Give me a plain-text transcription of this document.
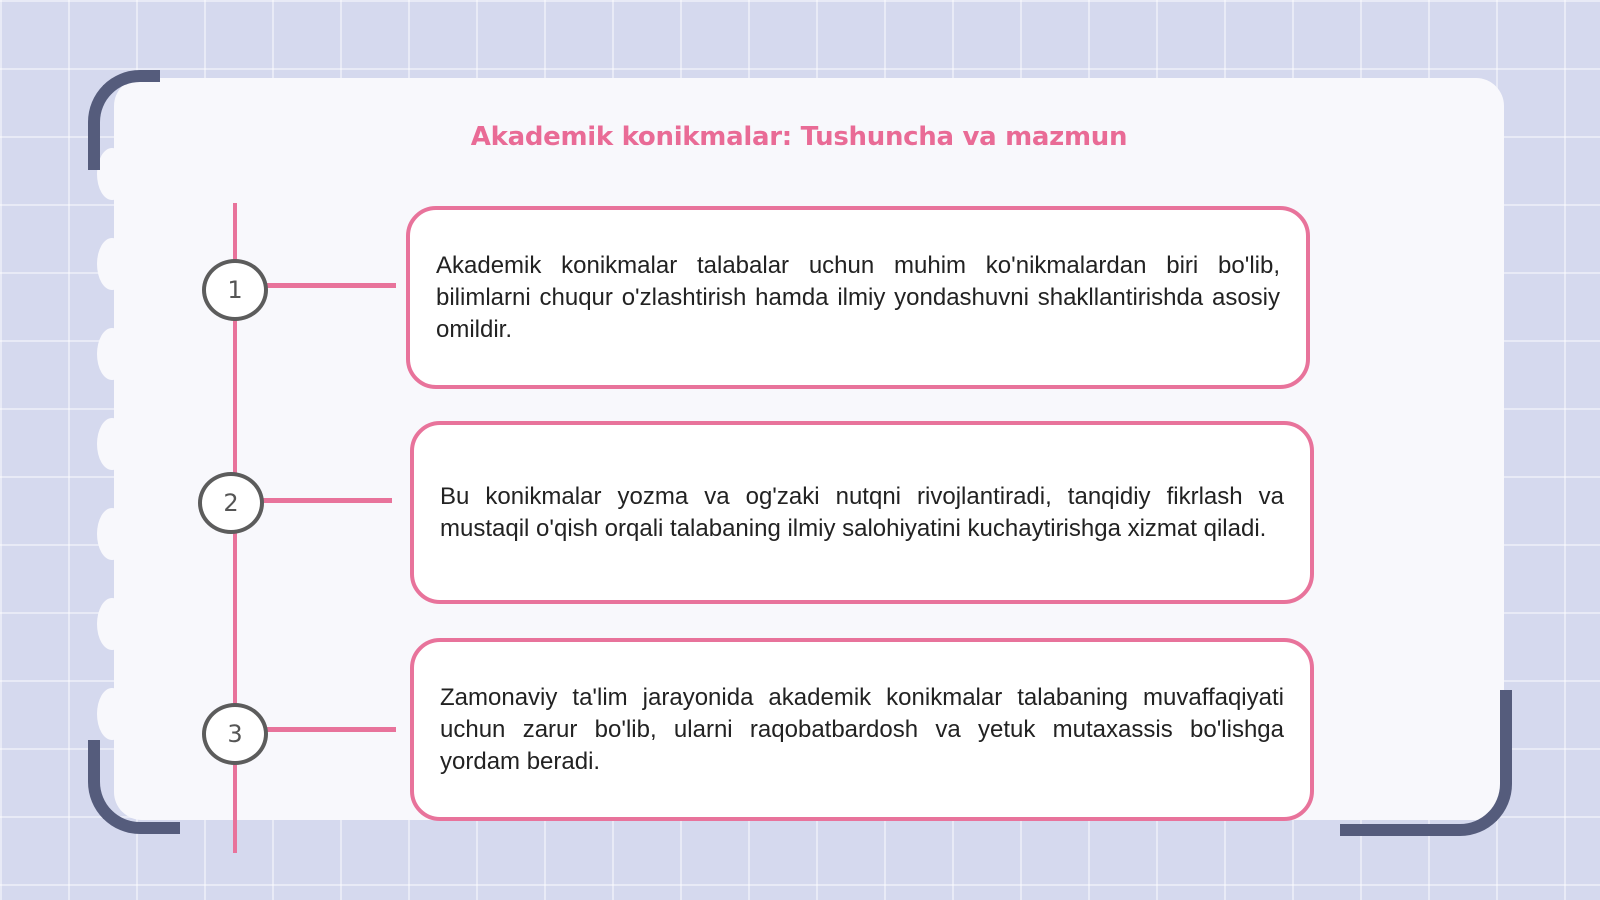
Akademik konikmalar: Tushuncha va mazmun
1
2
3

Akademik konikmalar talabalar uchun muhim ko'nikmalardan biri bo'lib, bilimlarni chuqur o'zlashtirish hamda ilmiy yondashuvni shakllantirishda asosiy omildir.

Bu konikmalar yozma va og'zaki nutqni rivojlantiradi, tanqidiy fikrlash va mustaqil o'qish orqali talabaning ilmiy salohiyatini kuchaytirishga xizmat qiladi.

Zamonaviy ta'lim jarayonida akademik konikmalar talabaning muvaffaqiyati uchun zarur bo'lib, ularni raqobatbardosh va yetuk mutaxassis bo'lishga yordam beradi.
